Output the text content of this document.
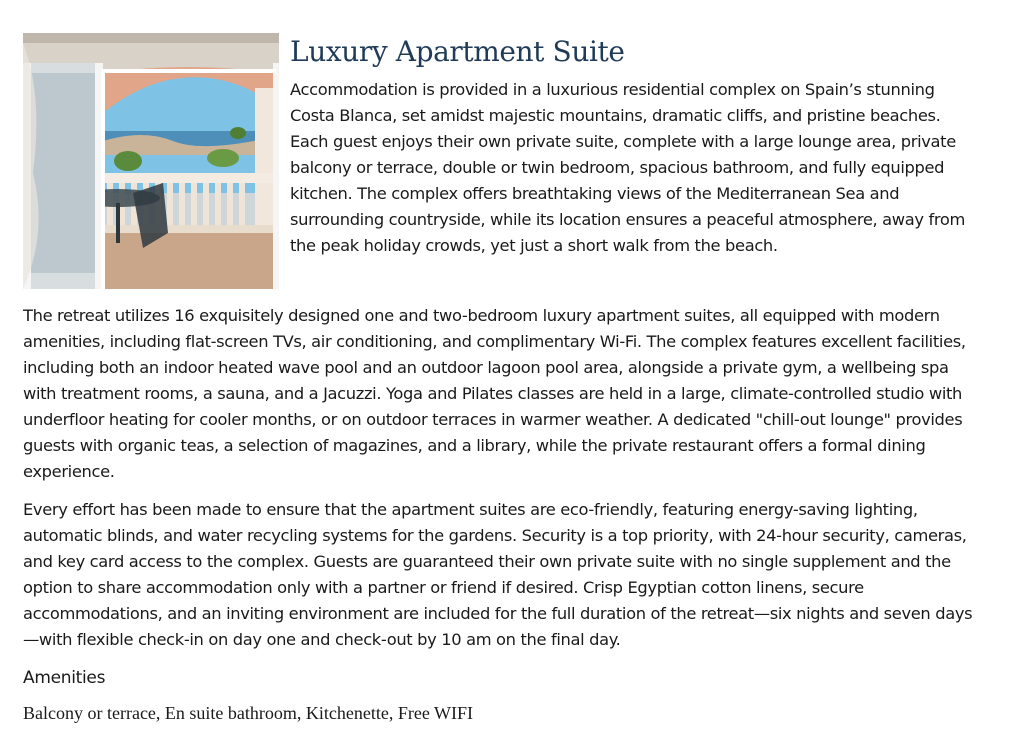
Luxury Apartment Suite

Accommodation is provided in a luxurious residential complex on Spain’s stunning Costa Blanca, set amidst majestic mountains, dramatic cliffs, and pristine beaches. Each guest enjoys their own private suite, complete with a large lounge area, private balcony or terrace, double or twin bedroom, spacious bathroom, and fully equipped kitchen. The complex offers breathtaking views of the Mediterranean Sea and surrounding countryside, while its location ensures a peaceful atmosphere, away from the peak holiday crowds, yet just a short walk from the beach.

The retreat utilizes 16 exquisitely designed one and two-bedroom luxury apartment suites, all equipped with modern amenities, including flat-screen TVs, air conditioning, and complimentary Wi-Fi. The complex features excellent facilities, including both an indoor heated wave pool and an outdoor lagoon pool area, alongside a private gym, a wellbeing spa with treatment rooms, a sauna, and a Jacuzzi. Yoga and Pilates classes are held in a large, climate-controlled studio with underfloor heating for cooler months, or on outdoor terraces in warmer weather. A dedicated "chill-out lounge" provides guests with organic teas, a selection of magazines, and a library, while the private restaurant offers a formal dining experience.

Every effort has been made to ensure that the apartment suites are eco-friendly, featuring energy-saving lighting, automatic blinds, and water recycling systems for the gardens. Security is a top priority, with 24-hour security, cameras, and key card access to the complex. Guests are guaranteed their own private suite with no single supplement and the option to share accommodation only with a partner or friend if desired. Crisp Egyptian cotton linens, secure accommodations, and an inviting environment are included for the full duration of the retreat—six nights and seven days—with flexible check-in on day one and check-out by 10 am on the final day.

Amenities
Balcony or terrace, En suite bathroom, Kitchenette, Free WIFI
